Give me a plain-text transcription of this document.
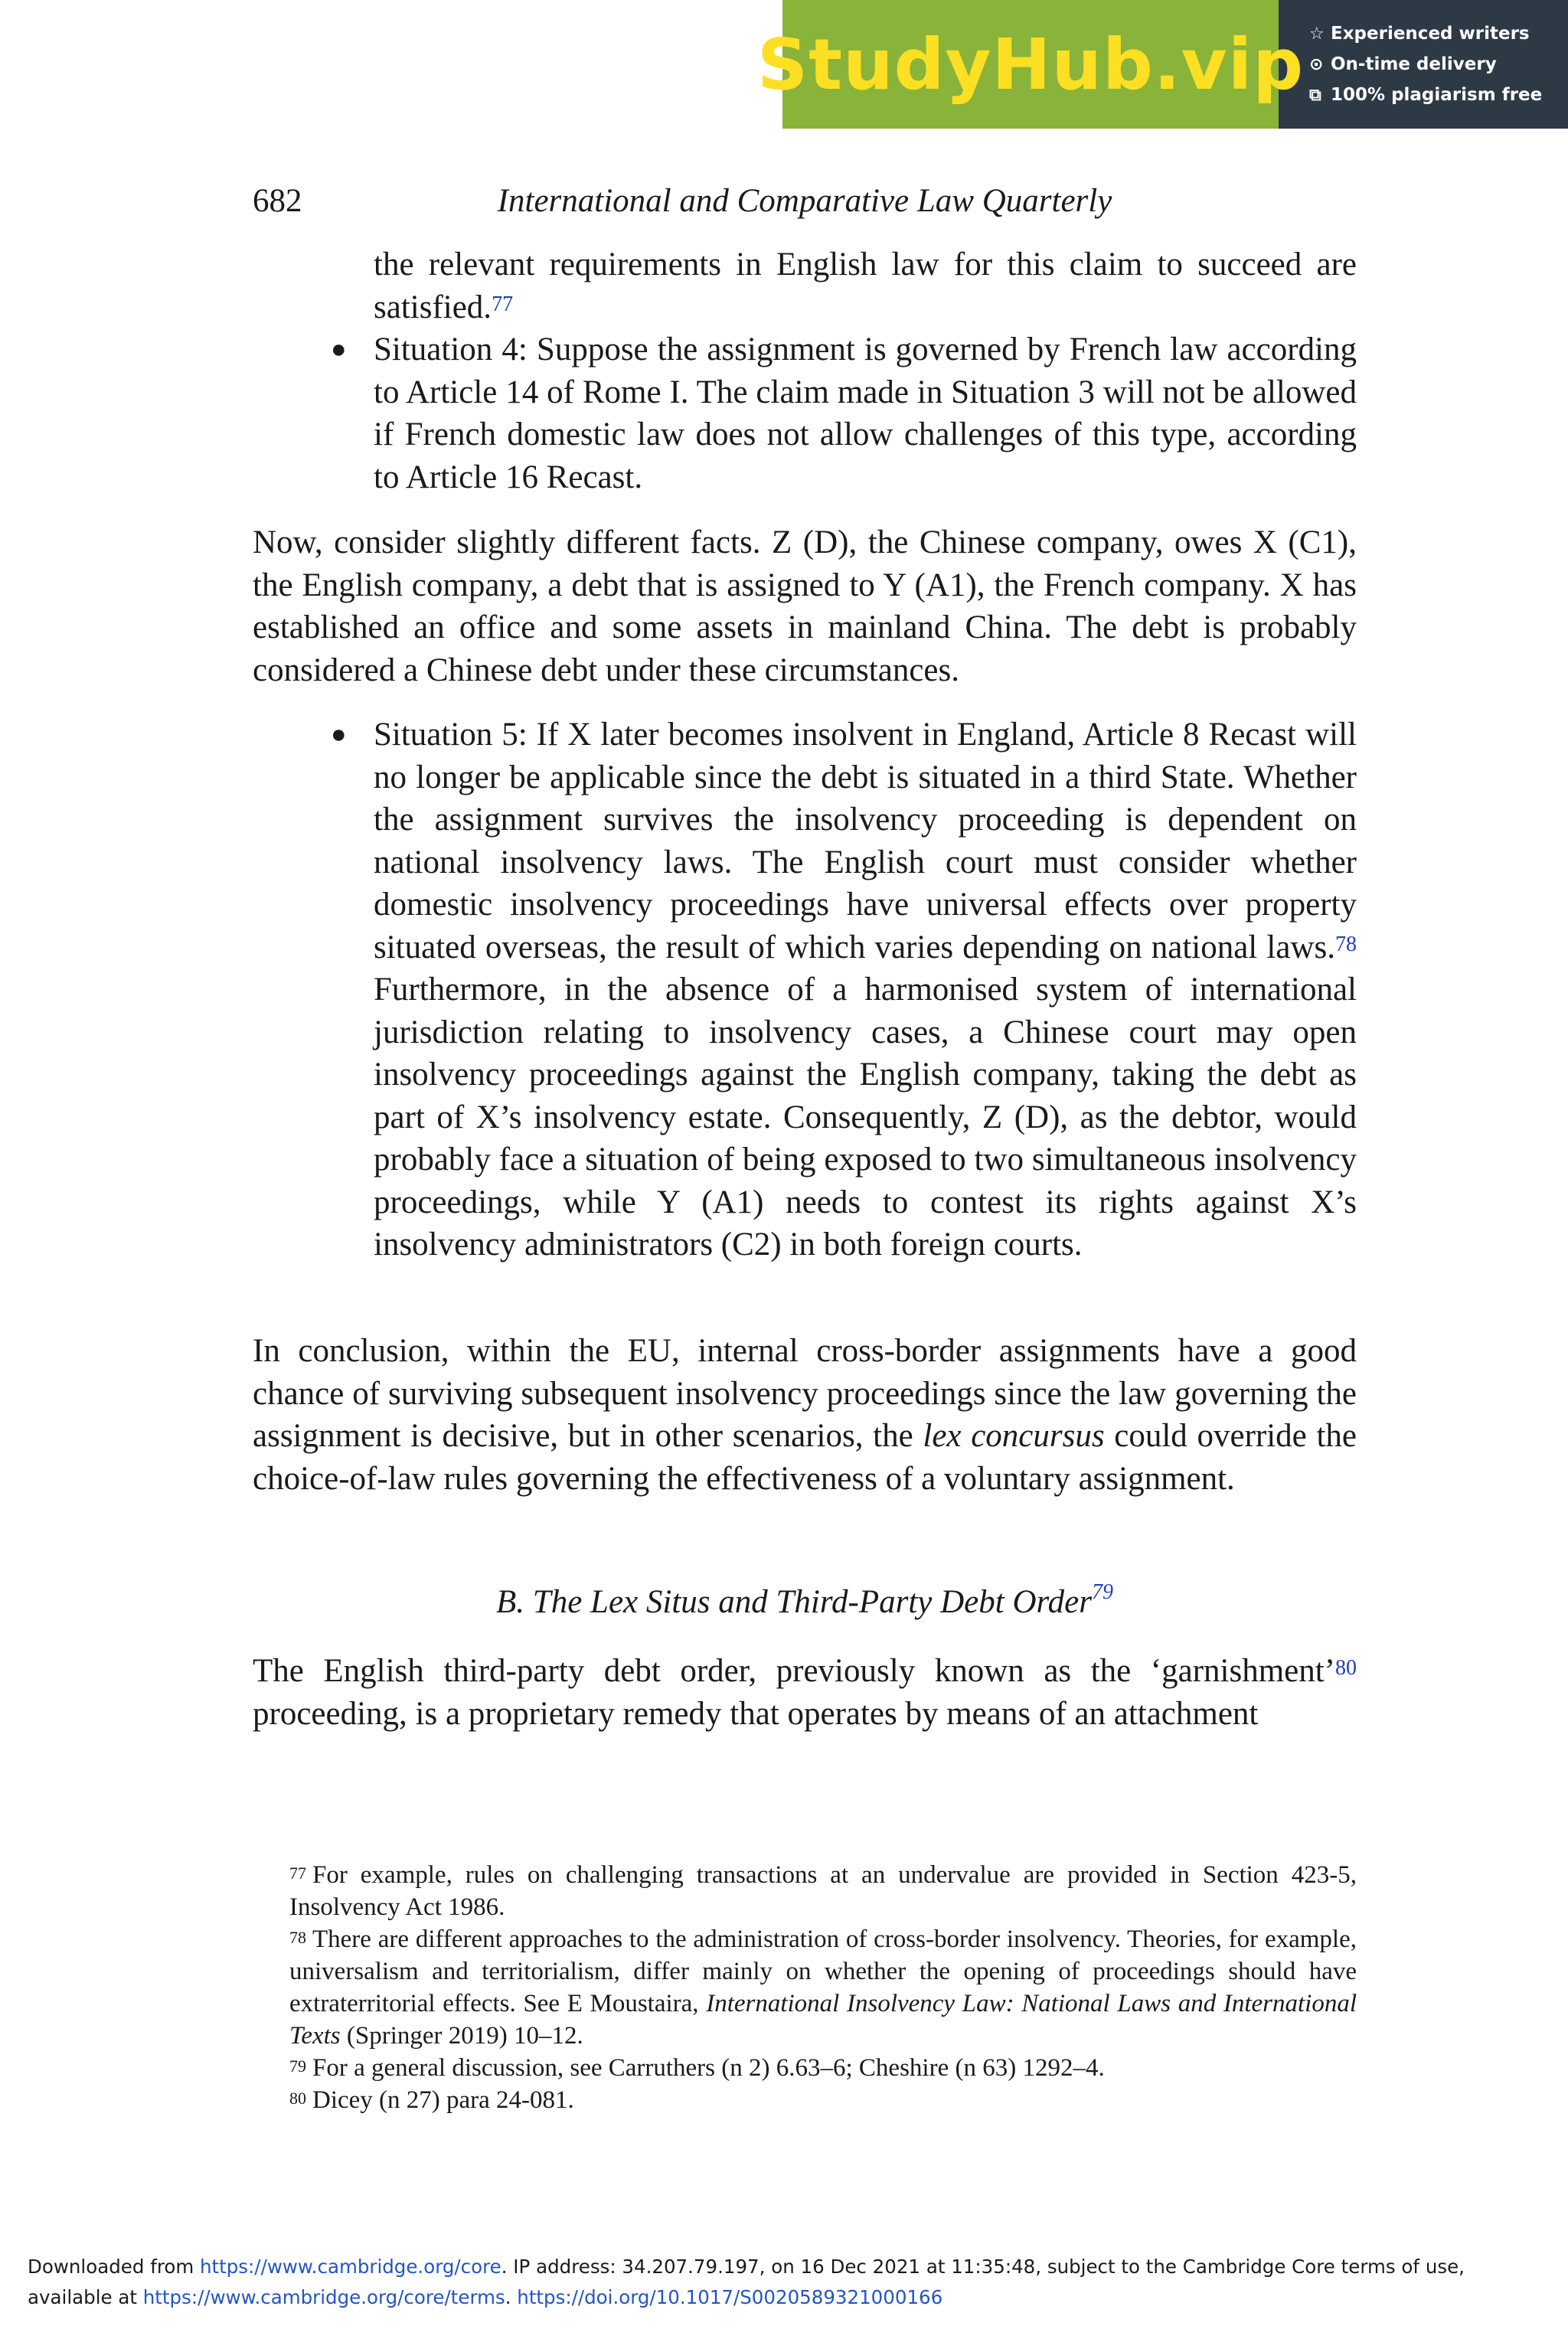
StudyHub.vip ☆ Experienced writers
⊙ On-time delivery
⧉ 100% plagiarism free
682	International and Comparative Law Quarterly
the relevant requirements in English law for this claim to succeed are satisfied.$^{77}$
● Situation 4: Suppose the assignment is governed by French law according to Article 14 of Rome I. The claim made in Situation 3 will not be allowed if French domestic law does not allow challenges of this type, according to Article 16 Recast.
Now, consider slightly different facts. Z (D), the Chinese company, owes X (C1), the English company, a debt that is assigned to Y (A1), the French company. X has established an office and some assets in mainland China. The debt is probably considered a Chinese debt under these circumstances.
● Situation 5: If X later becomes insolvent in England, Article 8 Recast will no longer be applicable since the debt is situated in a third State. Whether the assignment survives the insolvency proceeding is dependent on national insolvency laws. The English court must consider whether domestic insolvency proceedings have universal effects over property situated overseas, the result of which varies depending on national laws.$^{78}$ Furthermore, in the absence of a harmonised system of international jurisdiction relating to insolvency cases, a Chinese court may open insolvency proceedings against the English company, taking the debt as part of X’s insolvency estate. Consequently, Z (D), as the debtor, would probably face a situation of being exposed to two simultaneous insolvency proceedings, while Y (A1) needs to contest its rights against X’s insolvency administrators (C2) in both foreign courts.
In conclusion, within the EU, internal cross-border assignments have a good chance of surviving subsequent insolvency proceedings since the law governing the assignment is decisive, but in other scenarios, the lex concursus could override the choice-of-law rules governing the effectiveness of a voluntary assignment.
B. The Lex Situs and Third-Party Debt Order$^{79}$
The English third-party debt order, previously known as the ‘garnishment’$^{80}$ proceeding, is a proprietary remedy that operates by means of an attachment
$^{77}$ For example, rules on challenging transactions at an undervalue are provided in Section 423-5, Insolvency Act 1986.
$^{78}$ There are different approaches to the administration of cross-border insolvency. Theories, for example, universalism and territorialism, differ mainly on whether the opening of proceedings should have extraterritorial effects. See E Moustaira, International Insolvency Law: National Laws and International Texts (Springer 2019) 10–12.
$^{79}$ For a general discussion, see Carruthers (n 2) 6.63–6; Cheshire (n 63) 1292–4.
$^{80}$ Dicey (n 27) para 24-081.
Downloaded from https://www.cambridge.org/core. IP address: 34.207.79.197, on 16 Dec 2021 at 11:35:48, subject to the Cambridge Core terms of use, available at https://www.cambridge.org/core/terms. https://doi.org/10.1017/S0020589321000166
